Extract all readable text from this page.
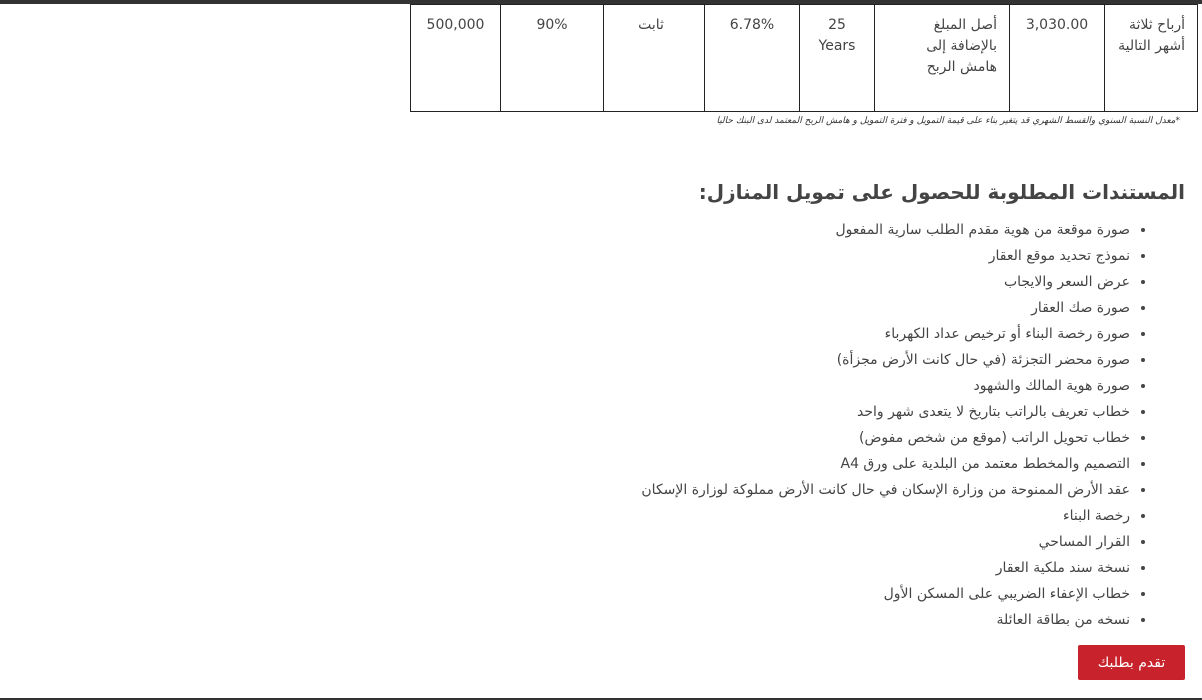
أرباح ثلاثة أشهر التالية	3,030.00	أصل المبلغ بالإضافة إلى هامش الربح	25 Years	6.78%	ثابت	90%	500,000
*معدل النسبة السنوي والقسط الشهري قد يتغير بناء على قيمة التمويل و فترة التمويل و هامش الربح المعتمد لدى البنك حاليا
المستندات المطلوبة للحصول على تمويل المنازل:
• صورة موقعة من هوية مقدم الطلب سارية المفعول
• نموذج تحديد موقع العقار
• عرض السعر والايجاب
• صورة صك العقار
• صورة رخصة البناء أو ترخيص عداد الكهرباء
• صورة محضر التجزئة (في حال كانت الأرض مجزأة)
• صورة هوية المالك والشهود
• خطاب تعريف بالراتب بتاريخ لا يتعدى شهر واحد
• خطاب تحويل الراتب (موقع من شخص مفوض)
• التصميم والمخطط معتمد من البلدية على ورق A4
• عقد الأرض الممنوحة من وزارة الإسكان في حال كانت الأرض مملوكة لوزارة الإسكان
• رخصة البناء
• القرار المساحي
• نسخة سند ملكية العقار
• خطاب الإعفاء الضريبي على المسكن الأول
• نسخه من بطاقة العائلة
تقدم بطلبك
